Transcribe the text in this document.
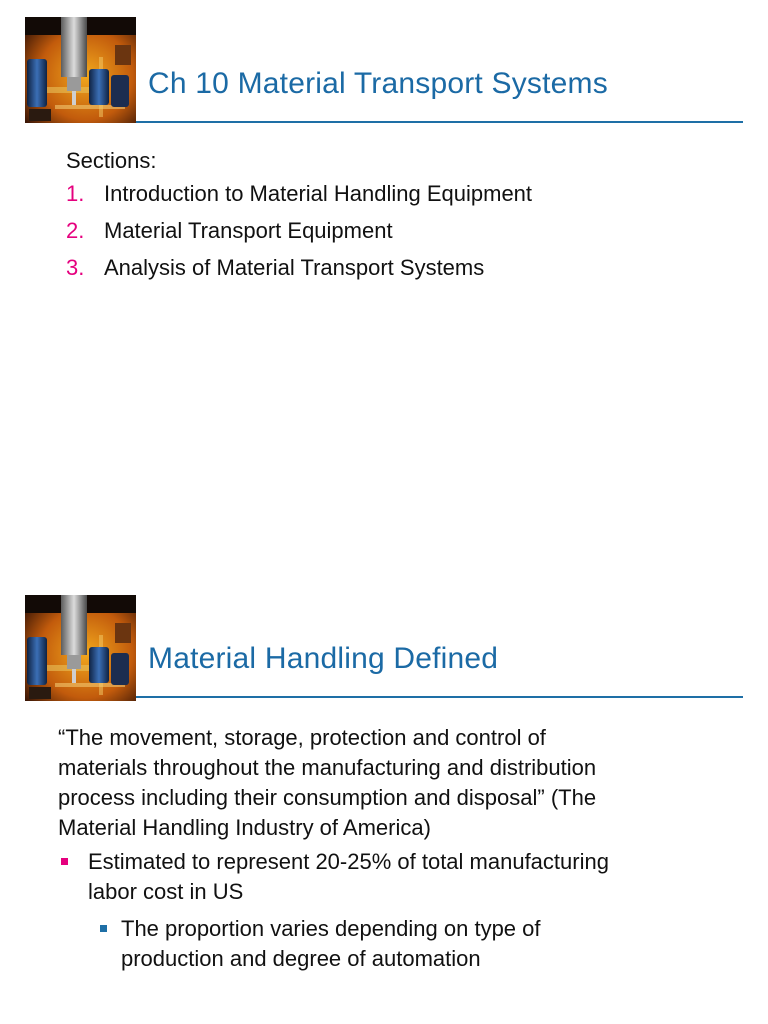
Ch 10 Material Transport Systems
Sections:
1. Introduction to Material Handling Equipment
2. Material Transport Equipment
3. Analysis of Material Transport Systems
Material Handling Defined
“The movement, storage, protection and control of
materials throughout the manufacturing and distribution
process including their consumption and disposal” (The
Material Handling Industry of America)
Estimated to represent 20-25% of total manufacturing
labor cost in US
The proportion varies depending on type of
production and degree of automation
